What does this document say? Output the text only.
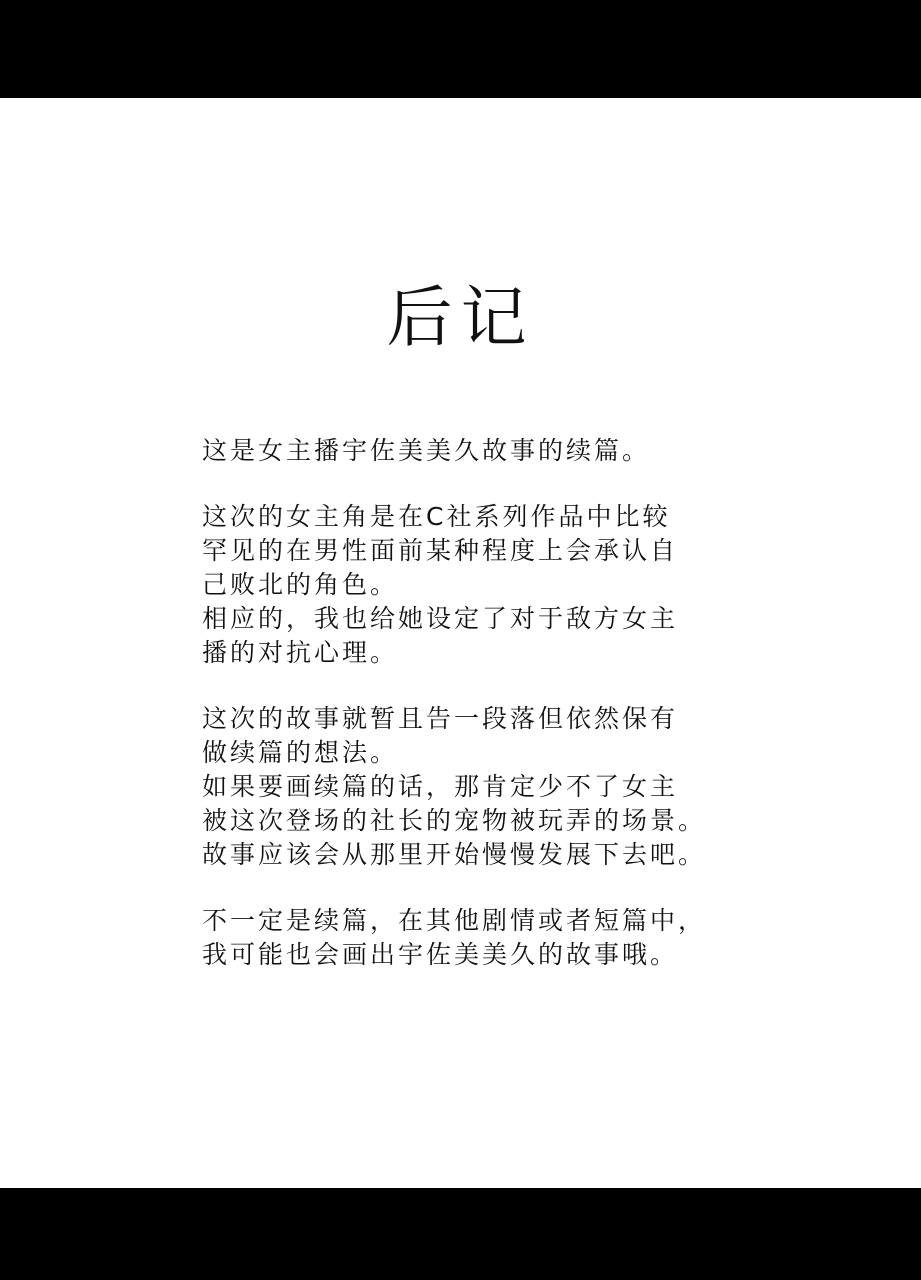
后记
这是女主播宇佐美美久故事的续篇。
这次的女主角是在C社系列作品中比较
罕见的在男性面前某种程度上会承认自
己败北的角色。
相应的，我也给她设定了对于敌方女主
播的对抗心理。
这次的故事就暂且告一段落但依然保有
做续篇的想法。
如果要画续篇的话，那肯定少不了女主
被这次登场的社长的宠物被玩弄的场景。
故事应该会从那里开始慢慢发展下去吧。
不一定是续篇，在其他剧情或者短篇中，
我可能也会画出宇佐美美久的故事哦。
